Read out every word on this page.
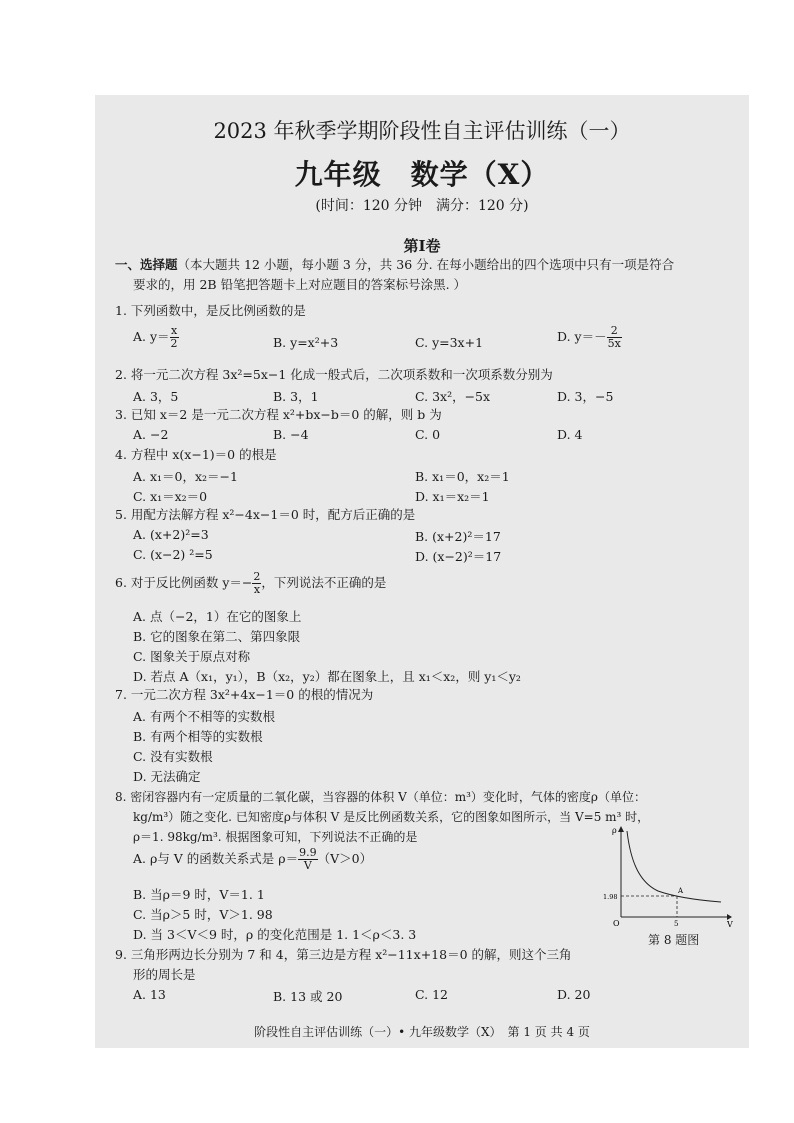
2023 年秋季学期阶段性自主评估训练（一）
九年级　数学（X）
(时间：120 分钟　满分：120 分)
第Ⅰ卷
一、选择题（本大题共 12 小题，每小题 3 分，共 36 分. 在每小题给出的四个选项中只有一项是符合
要求的，用 2B 铅笔把答题卡上对应题目的答案标号涂黑. ）
1. 下列函数中，是反比例函数的是
A. $y= \frac{x}{2}$	B. y=x²+3	C. y=3x+1	D. $y=- \frac{2}{5x}$
2. 将一元二次方程 3x²=5x−1 化成一般式后，二次项系数和一次项系数分别为
A. 3，5	B. 3，1	C. 3x²，−5x	D. 3，−5
3. 已知 x＝2 是一元二次方程 x²+bx−b＝0 的解，则 b 为
A. −2	B. −4	C. 0	D. 4
4. 方程中 x(x−1)＝0 的根是
A. x₁＝0，x₂＝−1	B. x₁＝0，x₂＝1
C. x₁＝x₂＝0	D. x₁＝x₂＝1
5. 用配方法解方程 x²−4x−1＝0 时，配方后正确的是
A. (x+2)²=3	B. (x+2)²＝17
C. (x−2) ²=5	D. (x−2)²＝17
6. 对于反比例函数 $y=- \frac{2}{x}$ ，下列说法不正确的是
A. 点（−2，1）在它的图象上
B. 它的图象在第二、第四象限
C. 图象关于原点对称
D. 若点 A（x₁，y₁），B（x₂，y₂）都在图象上，且 x₁＜x₂，则 y₁＜y₂
7. 一元二次方程 3x²+4x−1＝0 的根的情况为
A. 有两个不相等的实数根
B. 有两个相等的实数根
C. 没有实数根
D. 无法确定
8. 密闭容器内有一定质量的二氧化碳，当容器的体积 V（单位：m³）变化时，气体的密度ρ（单位：
kg/m³）随之变化. 已知密度ρ与体积 V 是反比例函数关系，它的图象如图所示，当 V=5 m³ 时，
ρ＝1. 98kg/m³. 根据图象可知，下列说法不正确的是
A. ρ与 V 的函数关系式是 $\rho= \frac{9.9}{V} (V>0)$
B. 当ρ＝9 时，V＝1. 1
C. 当ρ＞5 时，V＞1. 98
D. 当 3＜V＜9 时，ρ 的变化范围是 1. 1＜ρ＜3. 3
ρ
V
O
A
1.98
5
第 8 题图
9. 三角形两边长分别为 7 和 4，第三边是方程 x²−11x+18＝0 的解，则这个三角
形的周长是
A. 13	B. 13 或 20	C. 12	D. 20
阶段性自主评估训练（一）• 九年级数学（X）　第 1 页 共 4 页
